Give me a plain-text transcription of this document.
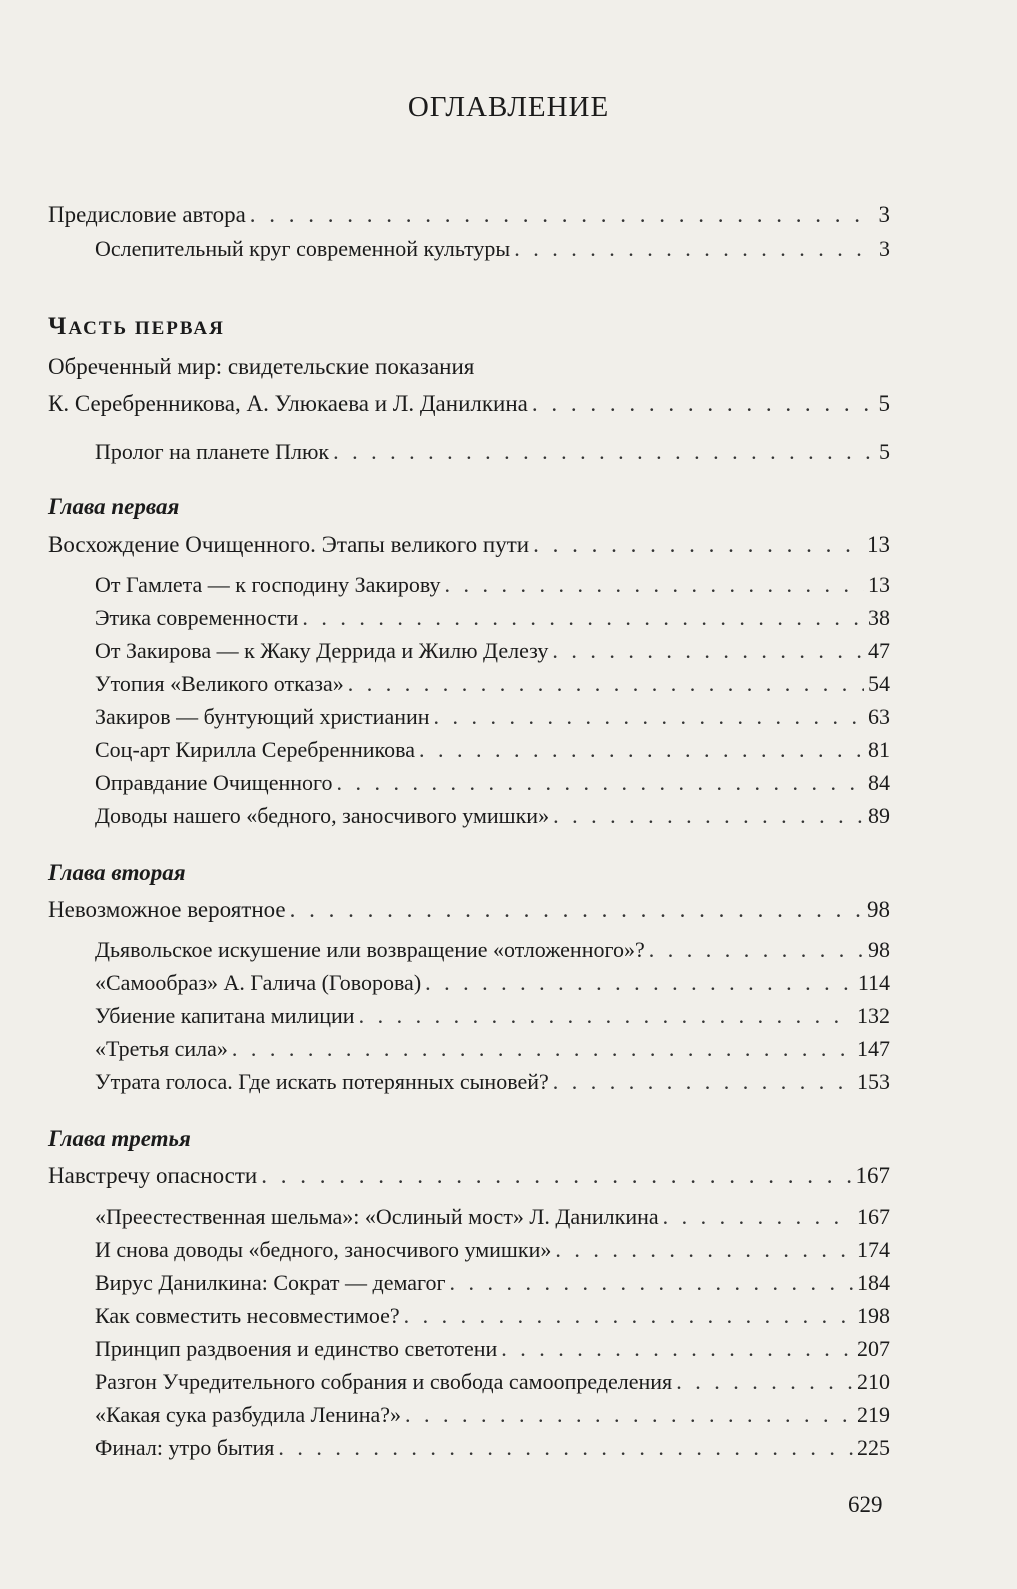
ОГЛАВЛЕНИЕ
Предисловие автора . . .	3
Ослепительный круг современной культуры . . .	3
ЧАСТЬ ПЕРВАЯ
Обреченный мир: свидетельские показания
К. Серебренникова, А. Улюкаева и Л. Данилкина . . .	5
Пролог на планете Плюк . . .	5
Глава первая
Восхождение Очищенного. Этапы великого пути . . .	13
От Гамлета — к господину Закирову . . .	13
Этика современности . . .	38
От Закирова — к Жаку Деррида и Жилю Делезу . . .	47
Утопия «Великого отказа» . . .	54
Закиров — бунтующий христианин . . .	63
Соц-арт Кирилла Серебренникова . . .	81
Оправдание Очищенного . . .	84
Доводы нашего «бедного, заносчивого умишки» . . .	89
Глава вторая
Невозможное вероятное . . .	98
Дьявольское искушение или возвращение «отложенного»? . . .	98
«Самообраз» А. Галича (Говорова) . . .	114
Убиение капитана милиции . . .	132
«Третья сила» . . .	147
Утрата голоса. Где искать потерянных сыновей? . . .	153
Глава третья
Навстречу опасности . . .	167
«Преестественная шельма»: «Ослиный мост» Л. Данилкина . . .	167
И снова доводы «бедного, заносчивого умишки» . . .	174
Вирус Данилкина: Сократ — демагог . . .	184
Как совместить несовместимое? . . .	198
Принцип раздвоения и единство светотени . . .	207
Разгон Учредительного собрания и свобода самоопределения . . .	210
«Какая сука разбудила Ленина?» . . .	219
Финал: утро бытия . . .	225
629
